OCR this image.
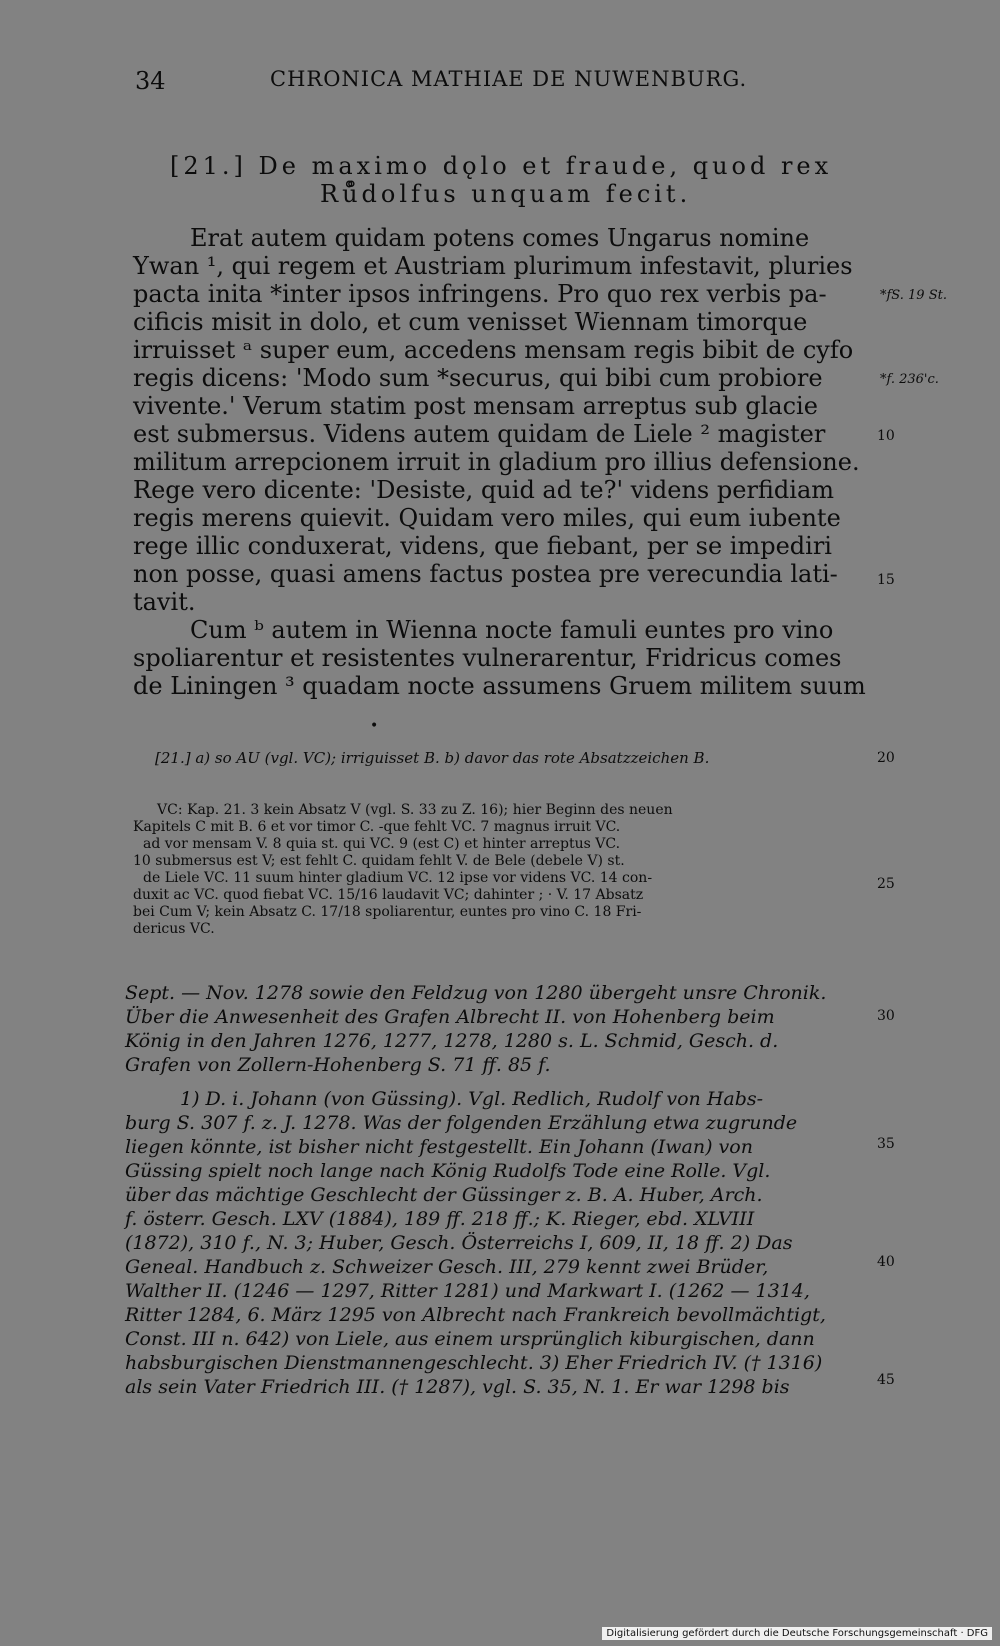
34	CHRONICA MATHIAE DE NUWENBURG.
[21.] De maximo dǫlo et fraude, quod rex
Rů̊dolfus unquam fecit.
Erat autem quidam potens comes Ungarus nomine
Ywan ¹, qui regem et Austriam plurimum infestavit, pluries
pacta inita *inter ipsos infringens. Pro quo rex verbis pa-
cificis misit in dolo, et cum venisset Wiennam timorque
irruisset ᵃ super eum, accedens mensam regis bibit de cyfo
regis dicens: 'Modo sum *securus, qui bibi cum probiore
vivente.' Verum statim post mensam arreptus sub glacie
est submersus. Videns autem quidam de Liele ² magister
militum arrepcionem irruit in gladium pro illius defensione.
Rege vero dicente: 'Desiste, quid ad te?' videns perfidiam
regis merens quievit. Quidam vero miles, qui eum iubente
rege illic conduxerat, videns, que fiebant, per se impediri
non posse, quasi amens factus postea pre verecundia lati-
tavit.
Cum ᵇ autem in Wienna nocte famuli euntes pro vino
spoliarentur et resistentes vulnerarentur, Fridricus comes
de Liningen ³ quadam nocte assumens Gruem militem suum
*fS. 19 St.
*f. 236'c.
10
15
20
25
30
35
40
45
•
[21.] a) so AU (vgl. VC); irriguisset B. b) davor das rote Absatzzeichen B.
VC: Kap. 21. 3 kein Absatz V (vgl. S. 33 zu Z. 16); hier Beginn des neuen
Kapitels C mit B. 6 et vor timor C. -que fehlt VC. 7 magnus irruit VC.
ad vor mensam V. 8 quia st. qui VC. 9 (est C) et hinter arreptus VC.
10 submersus est V; est fehlt C. quidam fehlt V. de Bele (debele V) st.
de Liele VC. 11 suum hinter gladium VC. 12 ipse vor videns VC. 14 con-
duxit ac VC. quod fiebat VC. 15/16 laudavit VC; dahinter ; · V. 17 Absatz
bei Cum V; kein Absatz C. 17/18 spoliarentur, euntes pro vino C. 18 Fri-
dericus VC.
Sept. — Nov. 1278 sowie den Feldzug von 1280 übergeht unsre Chronik.
Über die Anwesenheit des Grafen Albrecht II. von Hohenberg beim
König in den Jahren 1276, 1277, 1278, 1280 s. L. Schmid, Gesch. d.
Grafen von Zollern-Hohenberg S. 71 ff. 85 f.
1) D. i. Johann (von Güssing). Vgl. Redlich, Rudolf von Habs-
burg S. 307 f. z. J. 1278. Was der folgenden Erzählung etwa zugrunde
liegen könnte, ist bisher nicht festgestellt. Ein Johann (Iwan) von
Güssing spielt noch lange nach König Rudolfs Tode eine Rolle. Vgl.
über das mächtige Geschlecht der Güssinger z. B. A. Huber, Arch.
f. österr. Gesch. LXV (1884), 189 ff. 218 ff.; K. Rieger, ebd. XLVIII
(1872), 310 f., N. 3; Huber, Gesch. Österreichs I, 609, II, 18 ff. 2) Das
Geneal. Handbuch z. Schweizer Gesch. III, 279 kennt zwei Brüder,
Walther II. (1246 — 1297, Ritter 1281) und Markwart I. (1262 — 1314,
Ritter 1284, 6. März 1295 von Albrecht nach Frankreich bevollmächtigt,
Const. III n. 642) von Liele, aus einem ursprünglich kiburgischen, dann
habsburgischen Dienstmannengeschlecht. 3) Eher Friedrich IV. († 1316)
als sein Vater Friedrich III. († 1287), vgl. S. 35, N. 1. Er war 1298 bis
Digitalisierung gefördert durch die Deutsche Forschungsgemeinschaft · DFG
